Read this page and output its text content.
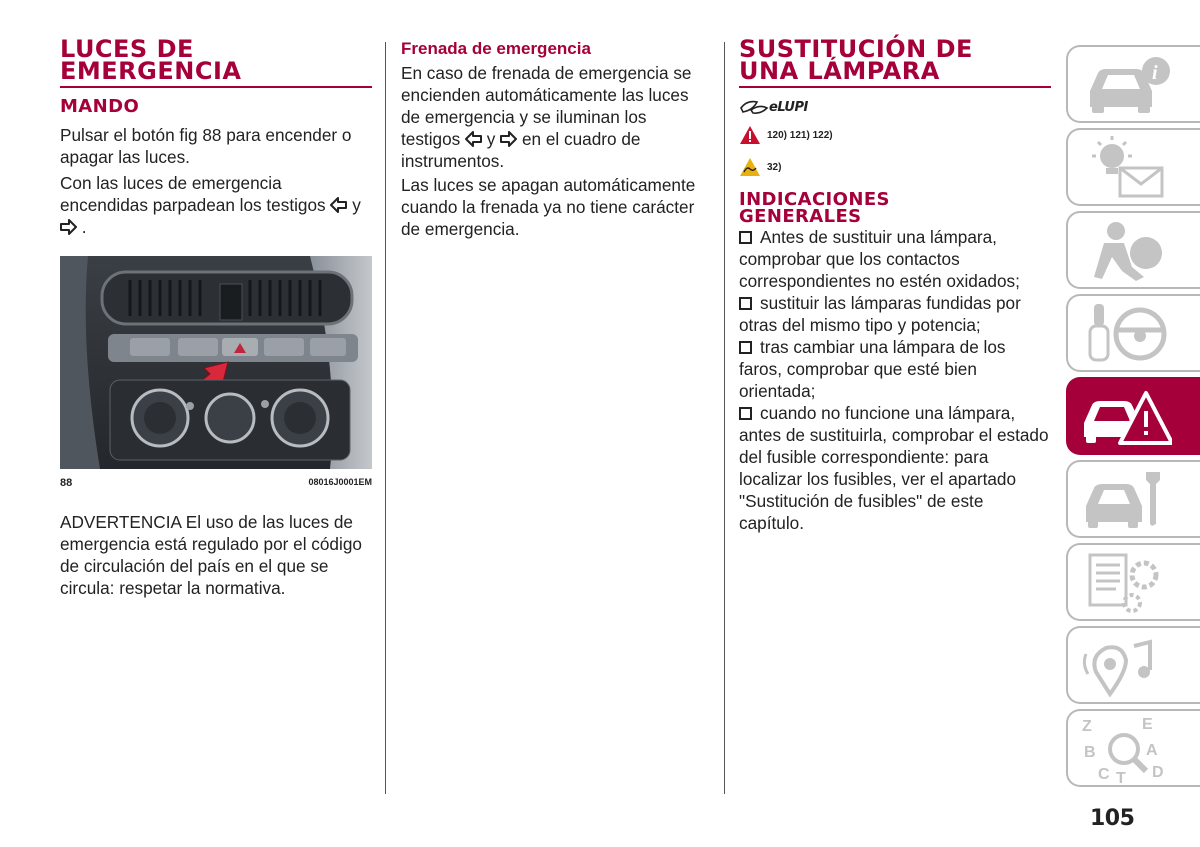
LUCES DE
EMERGENCIA
MANDO

Pulsar el botón fig 88 para encender o apagar las luces.

Con las luces de emergencia encendidas parpadean los testigos y

.

88	08016J0001EM

ADVERTENCIA El uso de las luces de emergencia está regulado por el código de circulación del país en el que se circula: respetar la normativa.

Frenada de emergencia

En caso de frenada de emergencia se encienden automáticamente las luces de emergencia y se iluminan los testigos y en el cuadro de instrumentos.

Las luces se apagan automáticamente cuando la frenada ya no tiene carácter de emergencia.

SUSTITUCIÓN DE
UNA LÁMPARA
eLUPI
120) 121) 122)
32)
INDICACIONES
GENERALES

Antes de sustituir una lámpara, comprobar que los contactos correspondientes no estén oxidados;

sustituir las lámparas fundidas por otras del mismo tipo y potencia;

tras cambiar una lámpara de los faros, comprobar que esté bien orientada;

cuando no funcione una lámpara, antes de sustituirla, comprobar el estado del fusible correspondiente: para localizar los fusibles, ver el apartado "Sustitución de fusibles" de este capítulo.

i
Z	E
B	A
C T D
105
